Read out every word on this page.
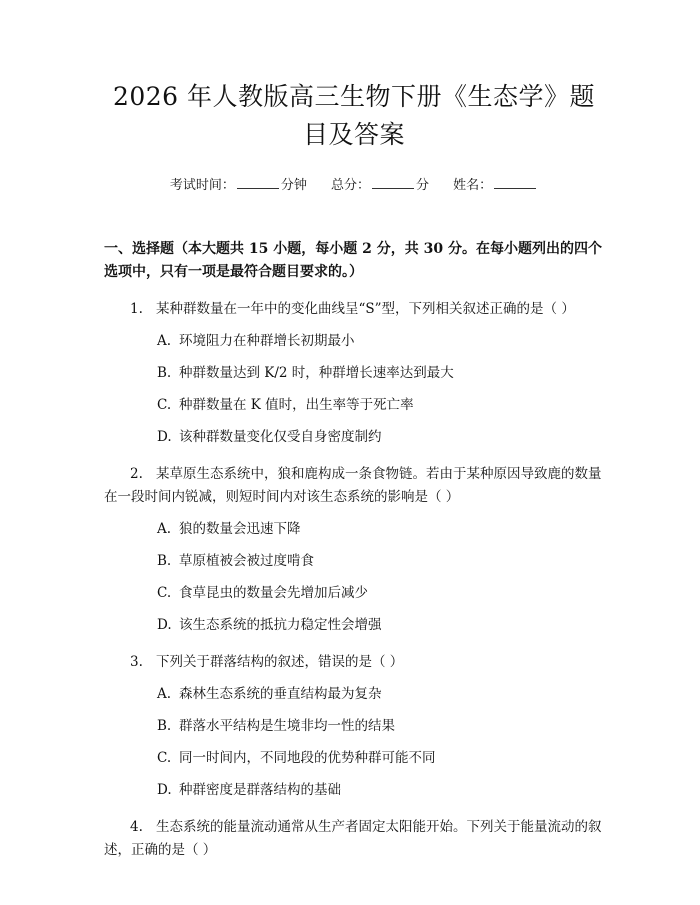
2026 年人教版高三生物下册《生态学》题目及答案
考试时间：	分钟 总分：	分 姓名：
一、选择题（本大题共 15 小题，每小题 2 分，共 30 分。在每小题列出的四个选项中，只有一项是最符合题目要求的。）
1. 某种群数量在一年中的变化曲线呈“S”型，下列相关叙述正确的是（ ）
A. 环境阻力在种群增长初期最小
B. 种群数量达到 K/2 时，种群增长速率达到最大
C. 种群数量在 K 值时，出生率等于死亡率
D. 该种群数量变化仅受自身密度制约
2. 某草原生态系统中，狼和鹿构成一条食物链。若由于某种原因导致鹿的数量在一段时间内锐减，则短时间内对该生态系统的影响是（ ）
A. 狼的数量会迅速下降
B. 草原植被会被过度啃食
C. 食草昆虫的数量会先增加后减少
D. 该生态系统的抵抗力稳定性会增强
3. 下列关于群落结构的叙述，错误的是（ ）
A. 森林生态系统的垂直结构最为复杂
B. 群落水平结构是生境非均一性的结果
C. 同一时间内，不同地段的优势种群可能不同
D. 种群密度是群落结构的基础
4. 生态系统的能量流动通常从生产者固定太阳能开始。下列关于能量流动的叙述，正确的是（ ）
